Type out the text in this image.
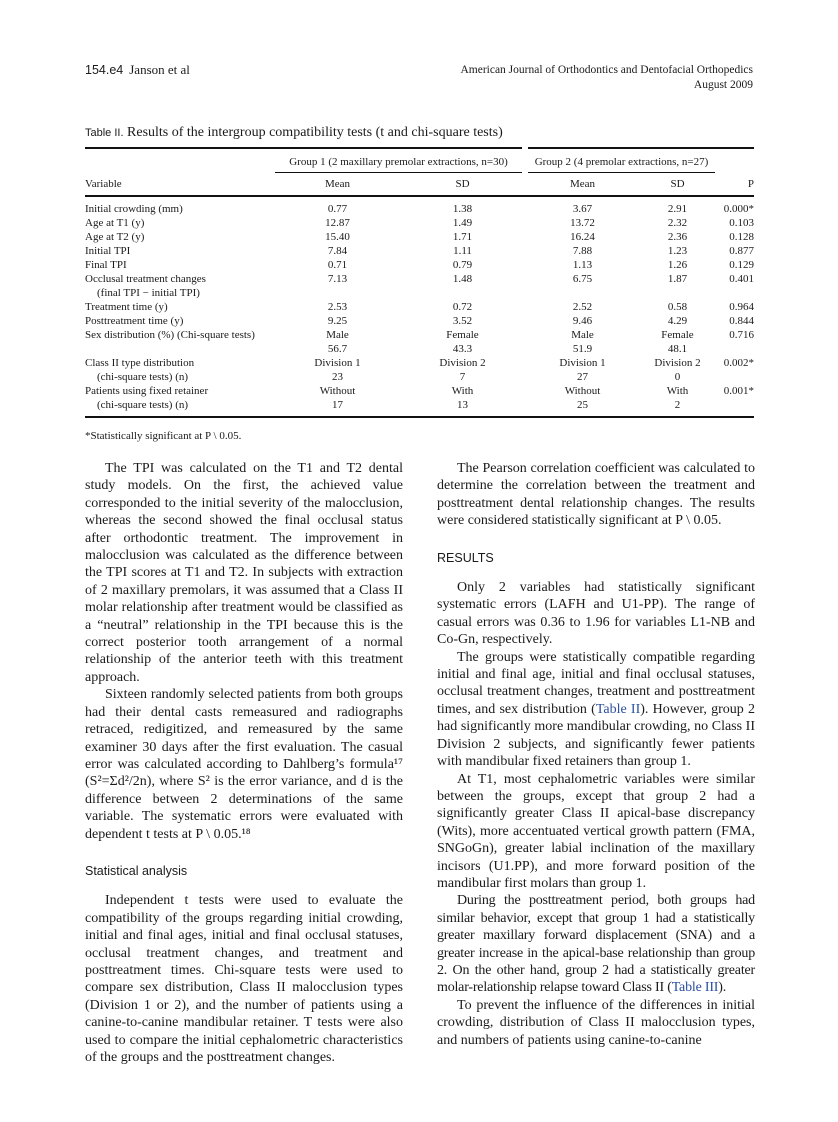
154.e4 Janson et al	American Journal of Orthodontics and Dentofacial Orthopedics
August 2009
Table II. Results of the intergroup compatibility tests (t and chi-square tests)
	Group 1 (2 maxillary premolar extractions, n=30)		Group 2 (4 premolar extractions, n=27)		
Variable	Mean	SD	Mean	SD	P
Initial crowding (mm)	0.77	1.38	3.67	2.91	0.000*
Age at T1 (y)	12.87	1.49	13.72	2.32	0.103
Age at T2 (y)	15.40	1.71	16.24	2.36	0.128
Initial TPI	7.84	1.11	7.88	1.23	0.877
Final TPI	0.71	0.79	1.13	1.26	0.129
Occlusal treatment changes	7.13	1.48	6.75	1.87	0.401
(final TPI − initial TPI)					
Treatment time (y)	2.53	0.72	2.52	0.58	0.964
Posttreatment time (y)	9.25	3.52	9.46	4.29	0.844
Sex distribution (%) (Chi-square tests)	Male	Female	Male	Female	0.716
	56.7	43.3	51.9	48.1	
Class II type distribution	Division 1	Division 2	Division 1	Division 2	0.002*
(chi-square tests) (n)	23	7	27	0	
Patients using fixed retainer	Without	With	Without	With	0.001*
(chi-square tests) (n)	17	13	25	2	
*Statistically significant at P \ 0.05.

The TPI was calculated on the T1 and T2 dental study models. On the first, the achieved value corresponded to the initial severity of the malocclusion, whereas the second showed the final occlusal status after orthodontic treatment. The improvement in malocclusion was calculated as the difference between the TPI scores at T1 and T2. In subjects with extraction of 2 maxillary premolars, it was assumed that a Class II molar relationship after treatment would be classified as a “neutral” relationship in the TPI because this is the correct posterior tooth arrangement of a normal relationship of the anterior teeth with this treatment approach.

Sixteen randomly selected patients from both groups had their dental casts remeasured and radiographs retraced, redigitized, and remeasured by the same examiner 30 days after the first evaluation. The casual error was calculated according to Dahlberg’s formula¹⁷ (S²=Σd²/2n), where S² is the error variance, and d is the difference between 2 determinations of the same variable. The systematic errors were evaluated with dependent t tests at P \ 0.05.¹⁸

Statistical analysis

Independent t tests were used to evaluate the compatibility of the groups regarding initial crowding, initial and final ages, initial and final occlusal statuses, occlusal treatment changes, and treatment and posttreatment times. Chi-square tests were used to compare sex distribution, Class II malocclusion types (Division 1 or 2), and the number of patients using a canine-to-canine mandibular retainer. T tests were also used to compare the initial cephalometric characteristics of the groups and the posttreatment changes.

The Pearson correlation coefficient was calculated to determine the correlation between the treatment and posttreatment dental relationship changes. The results were considered statistically significant at P \ 0.05.

RESULTS

Only 2 variables had statistically significant systematic errors (LAFH and U1-PP). The range of casual errors was 0.36 to 1.96 for variables L1-NB and Co-Gn, respectively.

The groups were statistically compatible regarding initial and final age, initial and final occlusal statuses, occlusal treatment changes, treatment and posttreatment times, and sex distribution (Table II). However, group 2 had significantly more mandibular crowding, no Class II Division 2 subjects, and significantly fewer patients with mandibular fixed retainers than group 1.

At T1, most cephalometric variables were similar between the groups, except that group 2 had a significantly greater Class II apical-base discrepancy (Wits), more accentuated vertical growth pattern (FMA, SNGoGn), greater labial inclination of the maxillary incisors (U1.PP), and more forward position of the mandibular first molars than group 1.

During the posttreatment period, both groups had similar behavior, except that group 1 had a statistically greater maxillary forward displacement (SNA) and a greater increase in the apical-base relationship than group 2. On the other hand, group 2 had a statistically greater molar-relationship relapse toward Class II (Table III).

To prevent the influence of the differences in initial crowding, distribution of Class II malocclusion types, and numbers of patients using canine-to-canine
